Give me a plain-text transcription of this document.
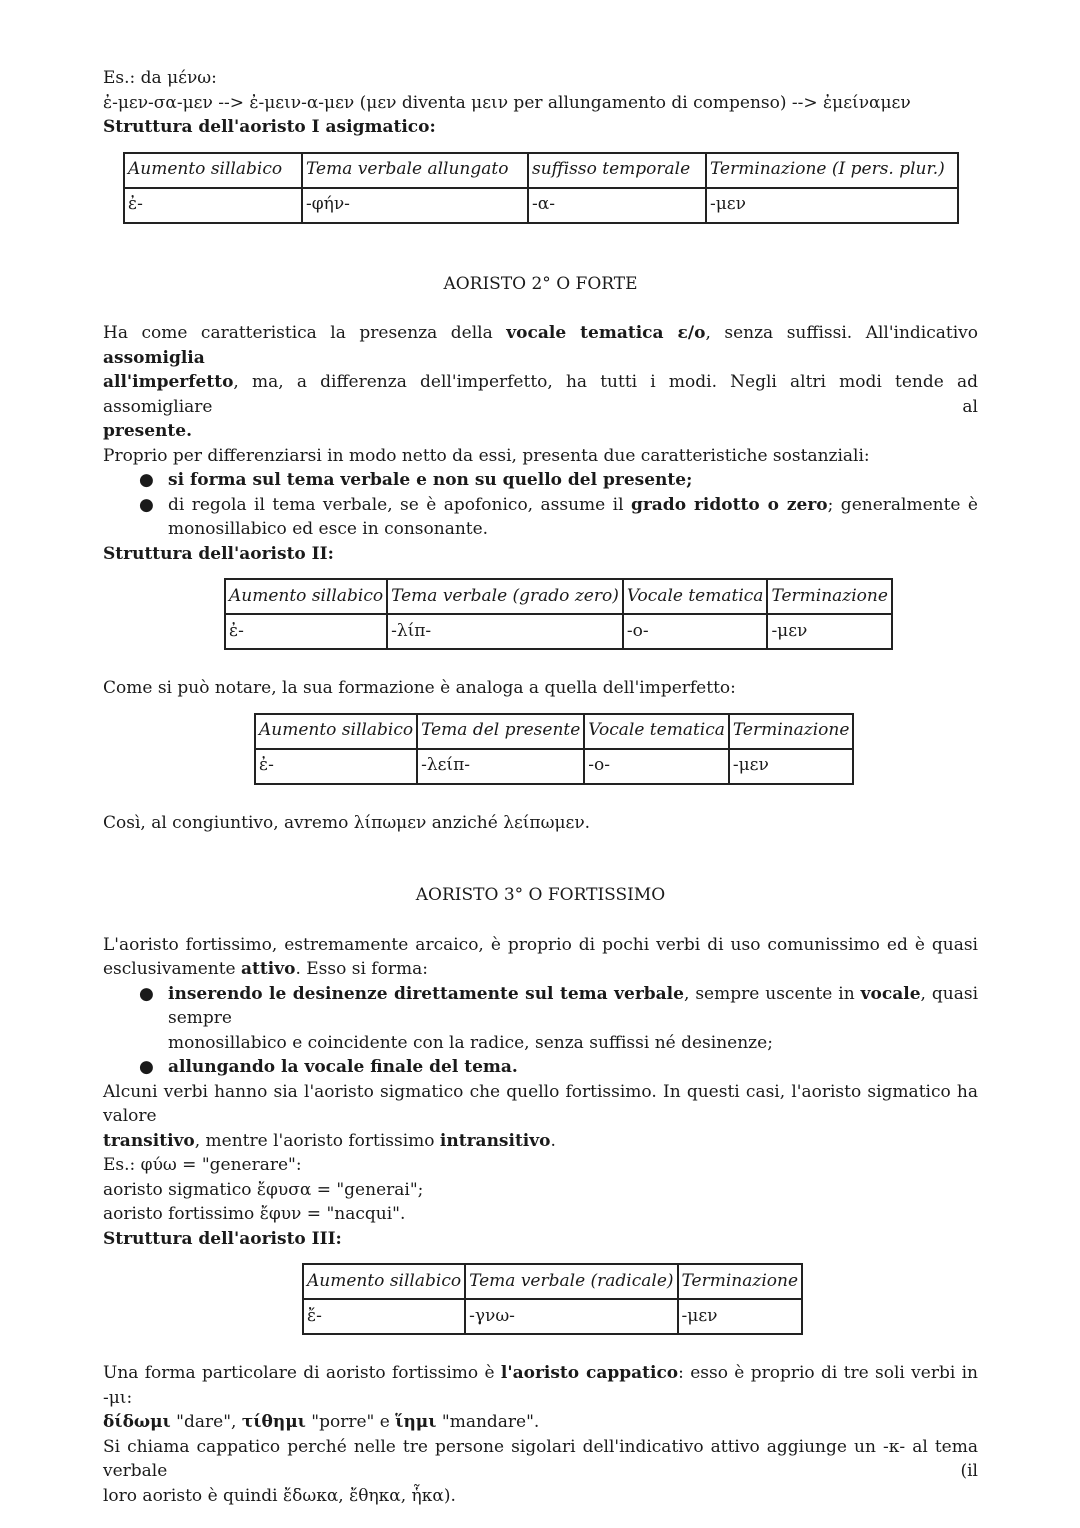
Es.: da μένω:

ἐ-μεν-σα-μεν --> ἐ-μειν-α-μεν (μεν diventa μειν per allungamento di compenso) --> ἐμείναμεν

Struttura dell'aoristo I asigmatico:

Aumento sillabico	Tema verbale allungato	suffisso temporale	Terminazione (I pers. plur.)
ἐ-	-φήν-	-α-	-μεν

AORISTO 2° O FORTE

Ha come caratteristica la presenza della vocale tematica ε/o, senza suffissi. All'indicativo assomiglia

all'imperfetto, ma, a differenza dell'imperfetto, ha tutti i modi. Negli altri modi tende ad assomigliare al

presente.

Proprio per differenziarsi in modo netto da essi, presenta due caratteristiche sostanziali:

● si forma sul tema verbale e non su quello del presente;
● di regola il tema verbale, se è apofonico, assume il grado ridotto o zero; generalmente è
monosillabico ed esce in consonante.

Struttura dell'aoristo II:

Aumento sillabico	Tema verbale (grado zero)	Vocale tematica	Terminazione
ἐ-	-λίπ-	-ο-	-μεν

Come si può notare, la sua formazione è analoga a quella dell'imperfetto:

Aumento sillabico	Tema del presente	Vocale tematica	Terminazione
ἐ-	-λείπ-	-ο-	-μεν

Così, al congiuntivo, avremo λίπωμεν anziché λείπωμεν.

AORISTO 3° O FORTISSIMO

L'aoristo fortissimo, estremamente arcaico, è proprio di pochi verbi di uso comunissimo ed è quasi

esclusivamente attivo. Esso si forma:

● inserendo le desinenze direttamente sul tema verbale, sempre uscente in vocale, quasi sempre
monosillabico e coincidente con la radice, senza suffissi né desinenze;
● allungando la vocale finale del tema.

Alcuni verbi hanno sia l'aoristo sigmatico che quello fortissimo. In questi casi, l'aoristo sigmatico ha valore

transitivo, mentre l'aoristo fortissimo intransitivo.

Es.: φύω = "generare":

aoristo sigmatico ἔφυσα = "generai";

aoristo fortissimo ἔφυν = "nacqui".

Struttura dell'aoristo III:

Aumento sillabico	Tema verbale (radicale)	Terminazione
ἔ-	-γνω-	-μεν

Una forma particolare di aoristo fortissimo è l'aoristo cappatico: esso è proprio di tre soli verbi in -μι:

δίδωμι "dare", τίθημι "porre" e ἵημι "mandare".

Si chiama cappatico perché nelle tre persone sigolari dell'indicativo attivo aggiunge un -κ- al tema verbale (il

loro aoristo è quindi ἔδωκα, ἔθηκα, ἧκα).
